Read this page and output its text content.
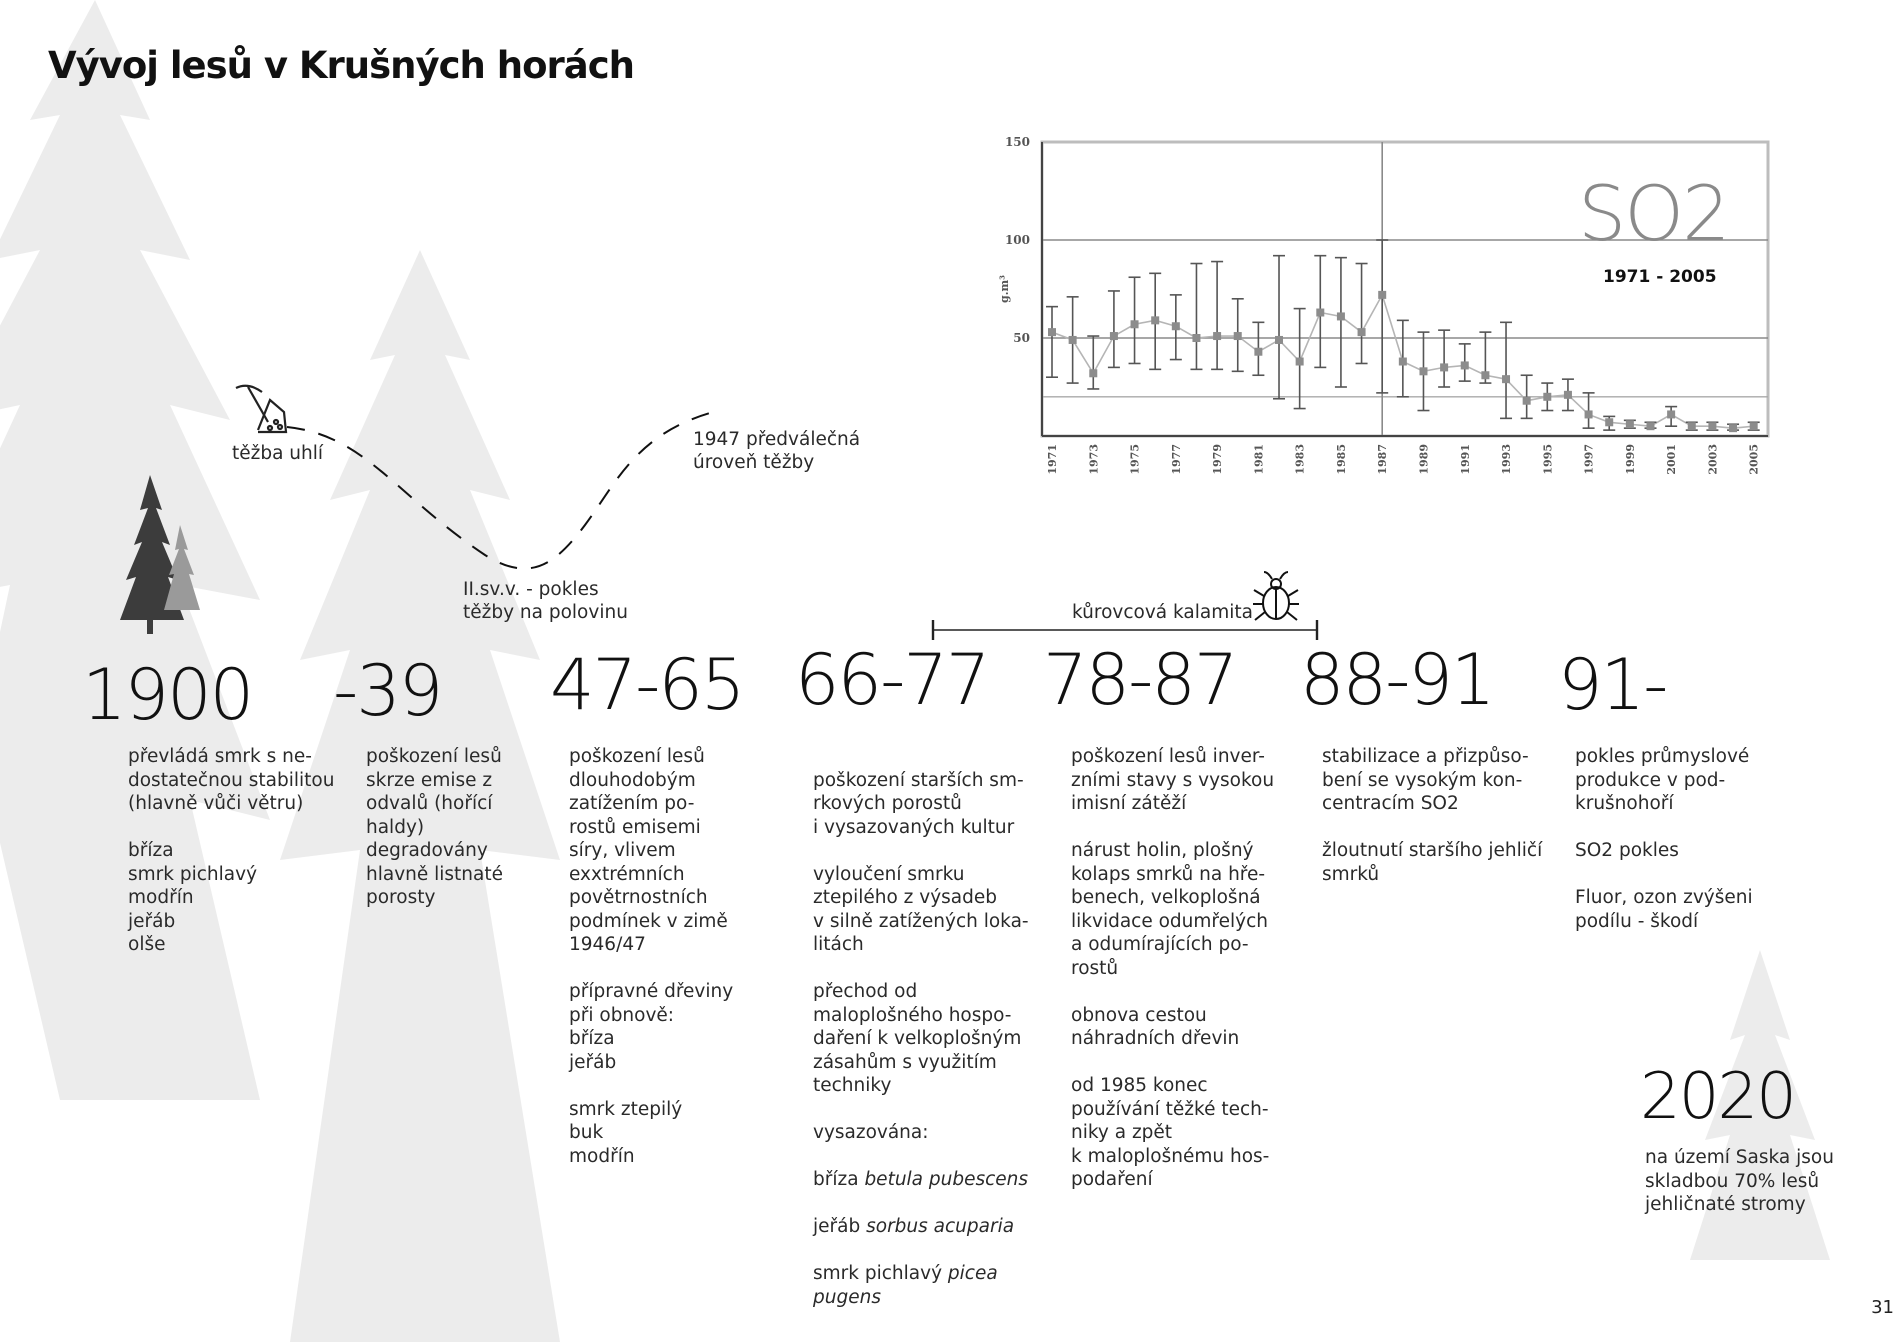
Vývoj lesů v Krušných horách
těžba uhlí
II.sv.v. - pokles
těžby na polovinu
1947 předválečná
úroveň těžby
kůrovcová kalamita
50
100
150
g.m³
1971	1973	1975	1977	1979	1981	1983	1985	1987	1989	1991	1993	1995	1997	1999	2001	2003	2005
SO2
1971 - 2005
1900
převládá smrk s ne-
dostatečnou stabilitou
(hlavně vůči větru)

bříza
smrk pichlavý
modřín
jeřáb
olše
-39
poškození lesů
skrze emise z
odvalů (hořící
haldy)
degradovány
hlavně listnaté
porosty
47-65
poškození lesů
dlouhodobým
zatížením po-
rostů emisemi
síry, vlivem
exxtrémních
povětrnostních
podmínek v zimě
1946/47

přípravné dřeviny
při obnově:
bříza
jeřáb

smrk ztepilý
buk
modřín
66-77

poškození starších sm-
rkových porostů
i vysazovaných kultur

vyloučení smrku
ztepilého z výsadeb
v silně zatížených loka-
litách

přechod od
maloplošného hospo-
daření k velkoplošným
zásahům s využitím
techniky

vysazována:

bříza betula pubescens

jeřáb sorbus acuparia

smrk pichlavý picea
pugens

78-87
poškození lesů inver-
zními stavy s vysokou
imisní zátěží

nárust holin, plošný
kolaps smrků na hře-
benech, velkoplošná
likvidace odumřelých
a odumírajících po-
rostů

obnova cestou
náhradních dřevin

od 1985 konec
používání těžké tech-
niky a zpět
k maloplošnému hos-
podaření
88-91
stabilizace a přizpůso-
bení se vysokým kon-
centracím SO2

žloutnutí staršího jehličí
smrků
91-
pokles průmyslové
produkce v pod-
krušnohoří

SO2 pokles

Fluor, ozon zvýšeni
podílu - škodí
2020
na území Saska jsou
skladbou 70% lesů
jehličnaté stromy
31
